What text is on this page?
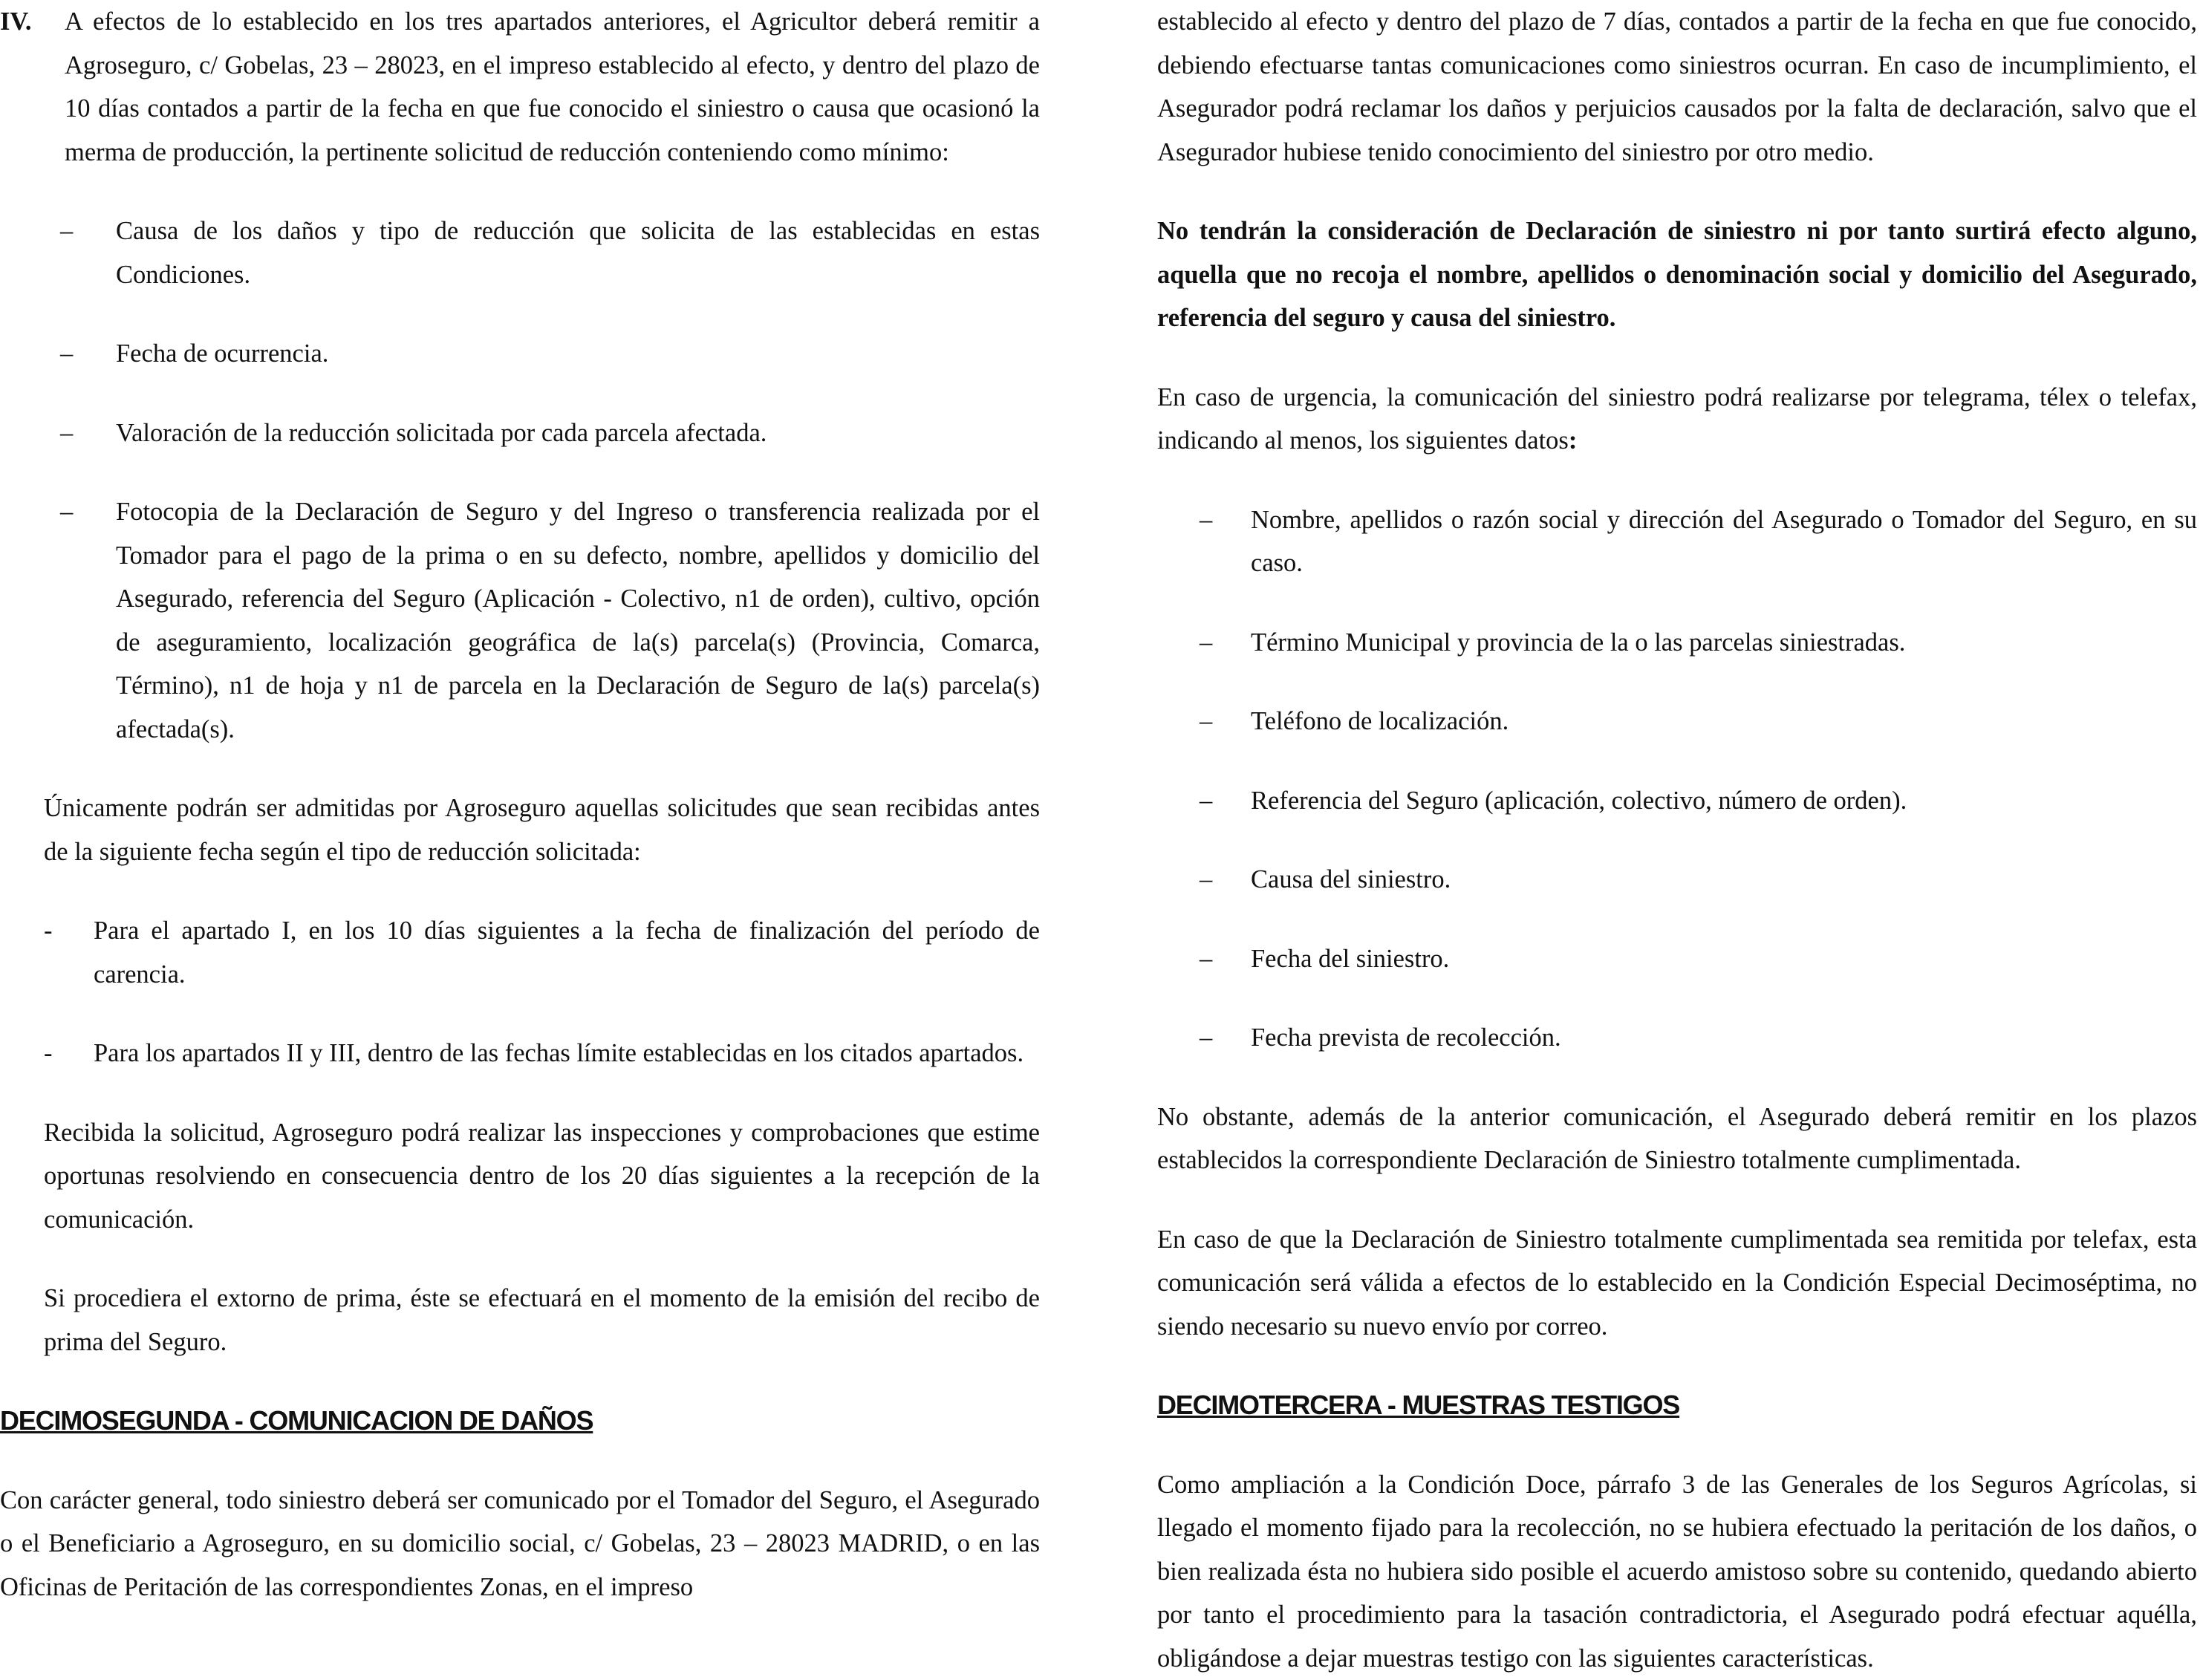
IV.	A efectos de lo establecido en los tres apartados anteriores, el Agricultor deberá remitir a Agroseguro, c/ Gobelas, 23 – 28023, en el impreso establecido al efecto, y dentro del plazo de 10 días contados a partir de la fecha en que fue conocido el siniestro o causa que ocasionó la merma de producción, la pertinente solicitud de reducción conteniendo como mínimo:

– Causa de los daños y tipo de reducción que solicita de las establecidas en estas Condiciones.

– Fecha de ocurrencia.

– Valoración de la reducción solicitada por cada parcela afectada.

– Fotocopia de la Declaración de Seguro y del Ingreso o transferencia realizada por el Tomador para el pago de la prima o en su defecto, nombre, apellidos y domicilio del Asegurado, referencia del Seguro (Aplicación - Colectivo, n1 de orden), cultivo, opción de aseguramiento, localización geográfica de la(s) parcela(s) (Provincia, Comarca, Término), n1 de hoja y n1 de parcela en la Declaración de Seguro de la(s) parcela(s) afectada(s).

Únicamente podrán ser admitidas por Agroseguro aquellas solicitudes que sean recibidas antes de la siguiente fecha según el tipo de reducción solicitada:

- Para el apartado I, en los 10 días siguientes a la fecha de finalización del período de carencia.

- Para los apartados II y III, dentro de las fechas límite establecidas en los citados apartados.

Recibida la solicitud, Agroseguro podrá realizar las inspecciones y comprobaciones que estime oportunas resolviendo en consecuencia dentro de los 20 días siguientes a la recepción de la comunicación.

Si procediera el extorno de prima, éste se efectuará en el momento de la emisión del recibo de prima del Seguro.

DECIMOSEGUNDA - COMUNICACION DE DAÑOS

Con carácter general, todo siniestro deberá ser comunicado por el Tomador del Seguro, el Asegurado o el Beneficiario a Agroseguro, en su domicilio social, c/ Gobelas, 23 – 28023 MADRID, o en las Oficinas de Peritación de las correspondientes Zonas, en el impreso

establecido al efecto y dentro del plazo de 7 días, contados a partir de la fecha en que fue conocido, debiendo efectuarse tantas comunicaciones como siniestros ocurran. En caso de incumplimiento, el Asegurador podrá reclamar los daños y perjuicios causados por la falta de declaración, salvo que el Asegurador hubiese tenido conocimiento del siniestro por otro medio.

No tendrán la consideración de Declaración de siniestro ni por tanto surtirá efecto alguno, aquella que no recoja el nombre, apellidos o denominación social y domicilio del Asegurado, referencia del seguro y causa del siniestro.

En caso de urgencia, la comunicación del siniestro podrá realizarse por telegrama, télex o telefax, indicando al menos, los siguientes datos:

– Nombre, apellidos o razón social y dirección del Asegurado o Tomador del Seguro, en su caso.

– Término Municipal y provincia de la o las parcelas siniestradas.

– Teléfono de localización.

– Referencia del Seguro (aplicación, colectivo, número de orden).

– Causa del siniestro.

– Fecha del siniestro.

– Fecha prevista de recolección.

No obstante, además de la anterior comunicación, el Asegurado deberá remitir en los plazos establecidos la correspondiente Declaración de Siniestro totalmente cumplimentada.

En caso de que la Declaración de Siniestro totalmente cumplimentada sea remitida por telefax, esta comunicación será válida a efectos de lo establecido en la Condición Especial Decimoséptima, no siendo necesario su nuevo envío por correo.

DECIMOTERCERA - MUESTRAS TESTIGOS

Como ampliación a la Condición Doce, párrafo 3 de las Generales de los Seguros Agrícolas, si llegado el momento fijado para la recolección, no se hubiera efectuado la peritación de los daños, o bien realizada ésta no hubiera sido posible el acuerdo amistoso sobre su contenido, quedando abierto por tanto el procedimiento para la tasación contradictoria, el Asegurado podrá efectuar aquélla, obligándose a dejar muestras testigo con las siguientes características.
